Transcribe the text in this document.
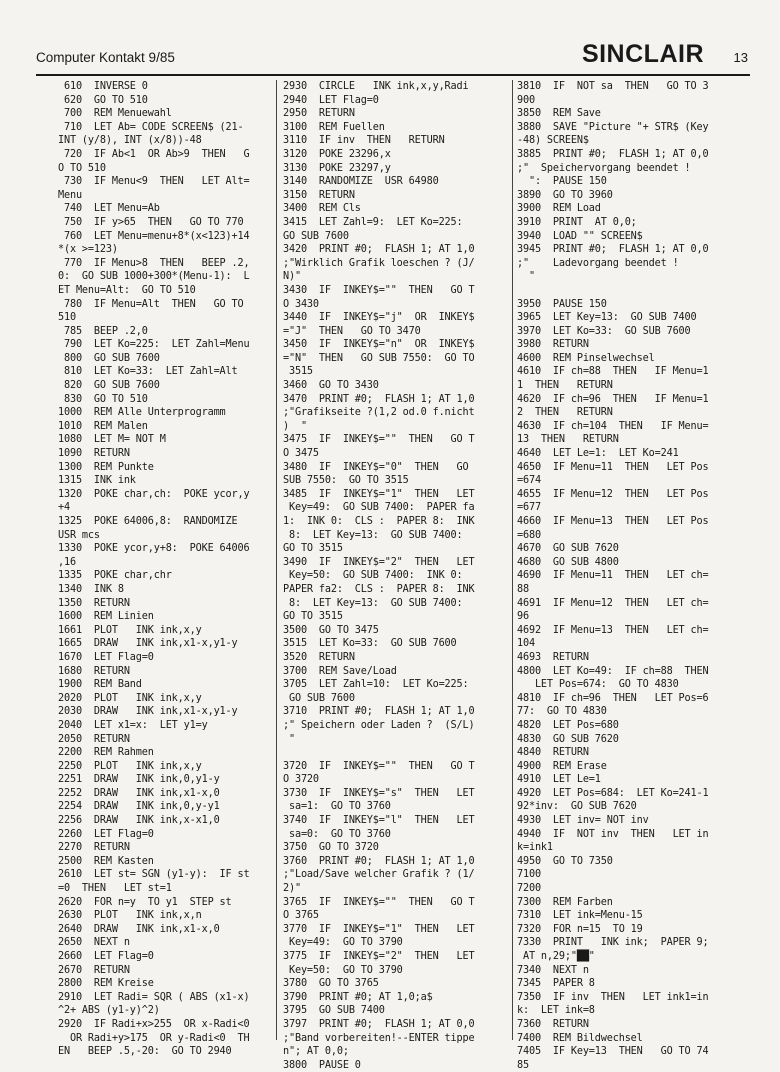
Computer Kontakt 9/85	SINCLAIR 13
610  INVERSE 0
620  GO TO 510
700  REM Menuewahl
710  LET Ab= CODE SCREEN$ (21-
INT (y/8), INT (x/8))-48
720  IF Ab<1  OR Ab>9  THEN   G
O TO 510
730  IF Menu<9  THEN   LET Alt=
Menu
740  LET Menu=Ab
750  IF y>65  THEN   GO TO 770
760  LET Menu=menu+8*(x<123)+14
*(x >=123)
770  IF Menu>8  THEN   BEEP .2,
0:  GO SUB 1000+300*(Menu-1):  L
ET Menu=Alt:  GO TO 510
780  IF Menu=Alt  THEN   GO TO
510
785  BEEP .2,0
790  LET Ko=225:  LET Zahl=Menu
800  GO SUB 7600
810  LET Ko=33:  LET Zahl=Alt
820  GO SUB 7600
830  GO TO 510
1000  REM Alle Unterprogramm
1010  REM Malen
1080  LET M= NOT M
1090  RETURN
1300  REM Punkte
1315  INK ink
1320  POKE char,ch:  POKE ycor,y
+4
1325  POKE 64006,8:  RANDOMIZE
USR mcs
1330  POKE ycor,y+8:  POKE 64006
,16
1335  POKE char,chr
1340  INK 8
1350  RETURN
1600  REM Linien
1661  PLOT   INK ink,x,y
1665  DRAW   INK ink,x1-x,y1-y
1670  LET Flag=0
1680  RETURN
1900  REM Band
2020  PLOT   INK ink,x,y
2030  DRAW   INK ink,x1-x,y1-y
2040  LET x1=x:  LET y1=y
2050  RETURN
2200  REM Rahmen
2250  PLOT   INK ink,x,y
2251  DRAW   INK ink,0,y1-y
2252  DRAW   INK ink,x1-x,0
2254  DRAW   INK ink,0,y-y1
2256  DRAW   INK ink,x-x1,0
2260  LET Flag=0
2270  RETURN
2500  REM Kasten
2610  LET st= SGN (y1-y):  IF st
=0  THEN   LET st=1
2620  FOR n=y  TO y1  STEP st
2630  PLOT   INK ink,x,n
2640  DRAW   INK ink,x1-x,0
2650  NEXT n
2660  LET Flag=0
2670  RETURN
2800  REM Kreise
2910  LET Radi= SQR ( ABS (x1-x)
^2+ ABS (y1-y)^2)
2920  IF Radi+x>255  OR x-Radi<0
OR Radi+y>175  OR y-Radi<0  TH
EN   BEEP .5,-20:  GO TO 2940
2930  CIRCLE   INK ink,x,y,Radi
2940  LET Flag=0
2950  RETURN
3100  REM Fuellen
3110  IF inv  THEN   RETURN
3120  POKE 23296,x
3130  POKE 23297,y
3140  RANDOMIZE  USR 64980
3150  RETURN
3400  REM Cls
3415  LET Zahl=9:  LET Ko=225:
GO SUB 7600
3420  PRINT #0;  FLASH 1; AT 1,0
;"Wirklich Grafik loeschen ? (J/
N)"
3430  IF  INKEY$=""  THEN   GO T
O 3430
3440  IF  INKEY$="j"  OR  INKEY$
="J"  THEN   GO TO 3470
3450  IF  INKEY$="n"  OR  INKEY$
="N"  THEN   GO SUB 7550:  GO TO
3515
3460  GO TO 3430
3470  PRINT #0;  FLASH 1; AT 1,0
;"Grafikseite ?(1,2 od.0 f.nicht
)  "
3475  IF  INKEY$=""  THEN   GO T
O 3475
3480  IF  INKEY$="0"  THEN   GO
SUB 7550:  GO TO 3515
3485  IF  INKEY$="1"  THEN   LET
Key=49:  GO SUB 7400:  PAPER fa
1:  INK 0:  CLS :  PAPER 8:  INK
8:  LET Key=13:  GO SUB 7400:
GO TO 3515
3490  IF  INKEY$="2"  THEN   LET
Key=50:  GO SUB 7400:  INK 0:
PAPER fa2:  CLS :  PAPER 8:  INK
8:  LET Key=13:  GO SUB 7400:
GO TO 3515
3500  GO TO 3475
3515  LET Ko=33:  GO SUB 7600
3520  RETURN
3700  REM Save/Load
3705  LET Zahl=10:  LET Ko=225:
GO SUB 7600
3710  PRINT #0;  FLASH 1; AT 1,0
;" Speichern oder Laden ?  (S/L)
"
3720  IF  INKEY$=""  THEN   GO T
O 3720
3730  IF  INKEY$="s"  THEN   LET
sa=1:  GO TO 3760
3740  IF  INKEY$="l"  THEN   LET
sa=0:  GO TO 3760
3750  GO TO 3720
3760  PRINT #0;  FLASH 1; AT 1,0
;"Load/Save welcher Grafik ? (1/
2)"
3765  IF  INKEY$=""  THEN   GO T
O 3765
3770  IF  INKEY$="1"  THEN   LET
Key=49:  GO TO 3790
3775  IF  INKEY$="2"  THEN   LET
Key=50:  GO TO 3790
3780  GO TO 3765
3790  PRINT #0; AT 1,0;a$
3795  GO SUB 7400
3797  PRINT #0;  FLASH 1; AT 0,0
;"Band vorbereiten!--ENTER tippe
n"; AT 0,0;
3800  PAUSE 0
3810  IF  NOT sa  THEN   GO TO 3
900
3850  REM Save
3880  SAVE "Picture "+ STR$ (Key
-48) SCREEN$
3885  PRINT #0;  FLASH 1; AT 0,0
;"  Speichervorgang beendet !
":  PAUSE 150
3890  GO TO 3960
3900  REM Load
3910  PRINT  AT 0,0;
3940  LOAD "" SCREEN$
3945  PRINT #0;  FLASH 1; AT 0,0
;"    Ladevorgang beendet !
"
3950  PAUSE 150
3965  LET Key=13:  GO SUB 7400
3970  LET Ko=33:  GO SUB 7600
3980  RETURN
4600  REM Pinselwechsel
4610  IF ch=88  THEN   IF Menu=1
1  THEN   RETURN
4620  IF ch=96  THEN   IF Menu=1
2  THEN   RETURN
4630  IF ch=104  THEN   IF Menu=
13  THEN   RETURN
4640  LET Le=1:  LET Ko=241
4650  IF Menu=11  THEN   LET Pos
=674
4655  IF Menu=12  THEN   LET Pos
=677
4660  IF Menu=13  THEN   LET Pos
=680
4670  GO SUB 7620
4680  GO SUB 4800
4690  IF Menu=11  THEN   LET ch=
88
4691  IF Menu=12  THEN   LET ch=
96
4692  IF Menu=13  THEN   LET ch=
104
4693  RETURN
4800  LET Ko=49:  IF ch=88  THEN
LET Pos=674:  GO TO 4830
4810  IF ch=96  THEN   LET Pos=6
77:  GO TO 4830
4820  LET Pos=680
4830  GO SUB 7620
4840  RETURN
4900  REM Erase
4910  LET Le=1
4920  LET Pos=684:  LET Ko=241-1
92*inv:  GO SUB 7620
4930  LET inv= NOT inv
4940  IF  NOT inv  THEN   LET in
k=ink1
4950  GO TO 7350
7100
7200
7300  REM Farben
7310  LET ink=Menu-15
7320  FOR n=15  TO 19
7330  PRINT   INK ink;  PAPER 9;
AT n,29;"██"
7340  NEXT n
7345  PAPER 8
7350  IF inv  THEN   LET ink1=in
k:  LET ink=8
7360  RETURN
7400  REM Bildwechsel
7405  IF Key=13  THEN   GO TO 74
85
